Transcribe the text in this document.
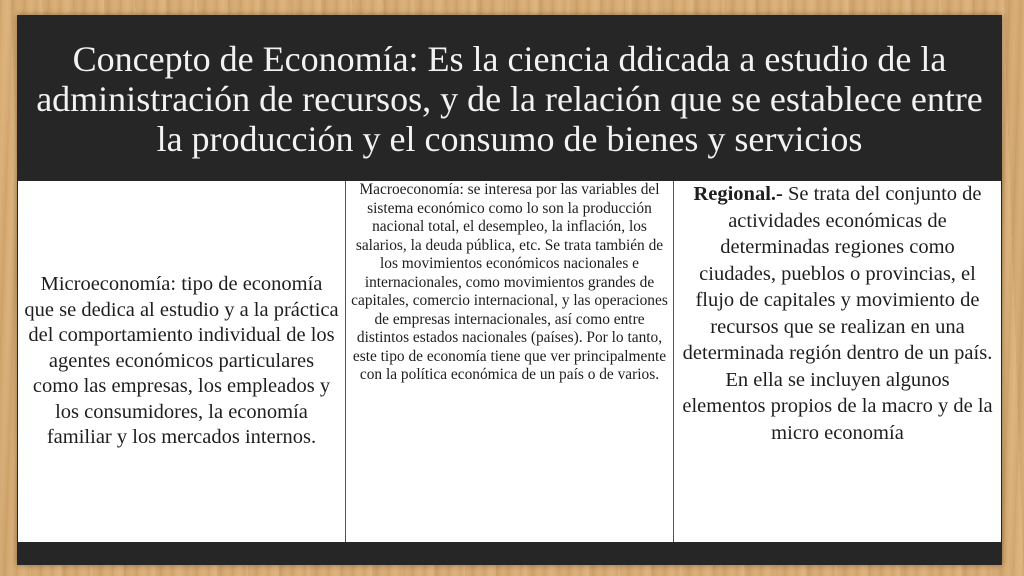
Concepto de Economía: Es la ciencia ddicada a estudio de la administración de recursos, y de la relación que se establece entre la producción y el consumo de bienes y servicios

Microeconomía: tipo de economía que se dedica al estudio y a la práctica del comportamiento individual de los agentes económicos particulares como las empresas, los empleados y los consumidores, la economía familiar y los mercados internos.

Macroeconomía: se interesa por las variables del sistema económico como lo son la producción nacional total, el desempleo, la inflación, los salarios, la deuda pública, etc. Se trata también de los movimientos económicos nacionales e internacionales, como movimientos grandes de capitales, comercio internacional, y las operaciones de empresas internacionales, así como entre distintos estados nacionales (países). Por lo tanto, este tipo de economía tiene que ver principalmente con la política económica de un país o de varios.

Regional.- Se trata del conjunto de actividades económicas de determinadas regiones como ciudades, pueblos o provincias, el flujo de capitales y movimiento de recursos que se realizan en una determinada región dentro de un país. En ella se incluyen algunos elementos propios de la macro y de la micro economía
